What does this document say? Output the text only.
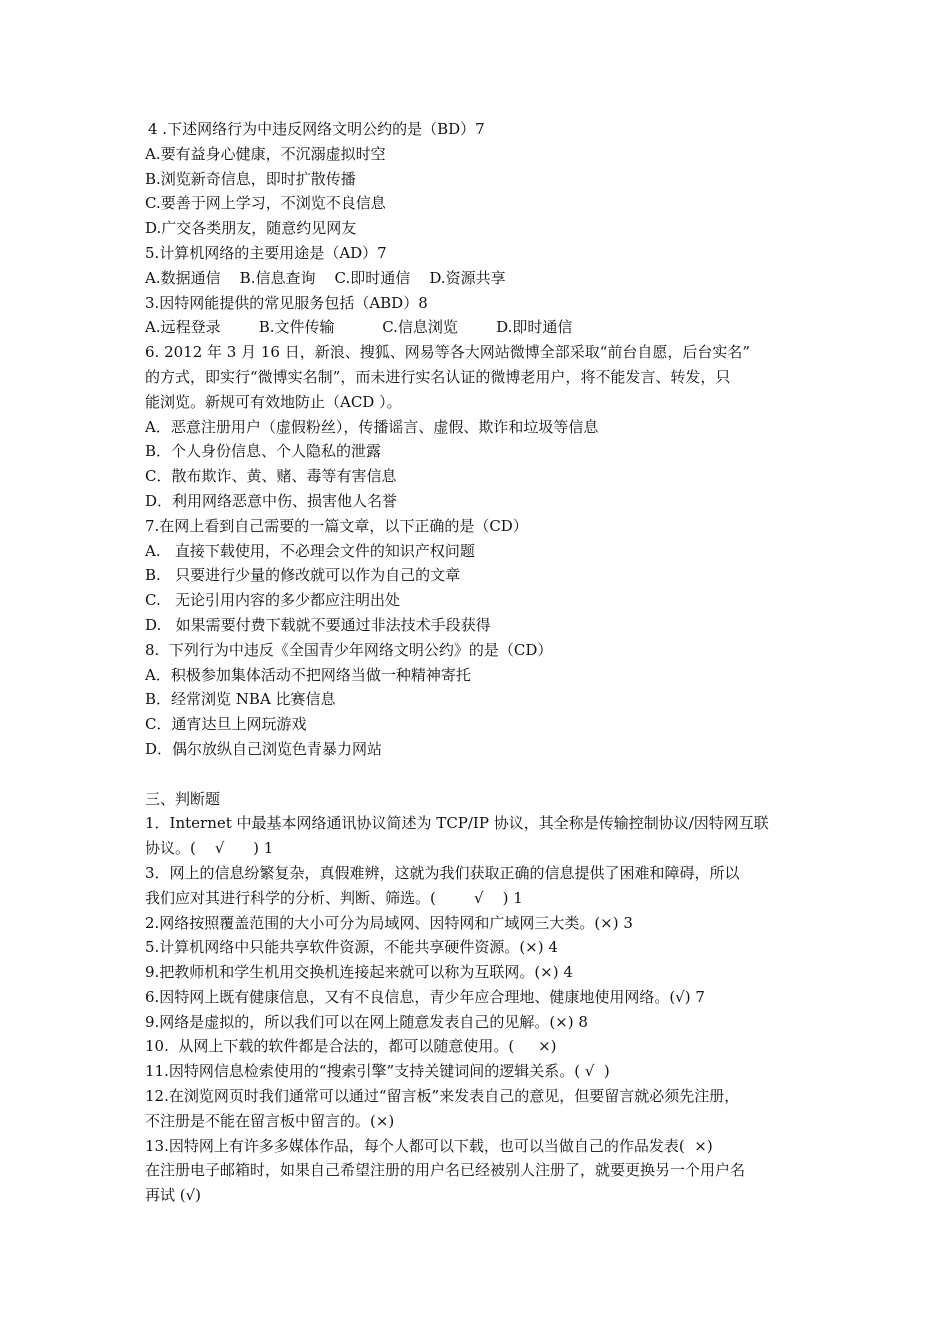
4 .下述网络行为中违反网络文明公约的是（BD）7
A.要有益身心健康，不沉溺虚拟时空
B.浏览新奇信息，即时扩散传播
C.要善于网上学习，不浏览不良信息
D.广交各类朋友，随意约见网友
5.计算机网络的主要用途是（AD）7
A.数据通信    B.信息查询    C.即时通信    D.资源共享
3.因特网能提供的常见服务包括（ABD）8
A.远程登录        B.文件传输          C.信息浏览        D.即时通信
6. 2012 年 3 月 16 日，新浪、搜狐、网易等各大网站微博全部采取“前台自愿，后台实名”
的方式，即实行“微博实名制”，而未进行实名认证的微博老用户，将不能发言、转发，只
能浏览。新规可有效地防止（ACD ）。
A．恶意注册用户（虚假粉丝），传播谣言、虚假、欺诈和垃圾等信息
B．个人身份信息、个人隐私的泄露
C．散布欺诈、黄、赌、毒等有害信息
D．利用网络恶意中伤、损害他人名誉
7.在网上看到自己需要的一篇文章，以下正确的是（CD）
A.   直接下载使用，不必理会文件的知识产权问题
B.   只要进行少量的修改就可以作为自己的文章
C.   无论引用内容的多少都应注明出处
D.   如果需要付费下载就不要通过非法技术手段获得
8.  下列行为中违反《全国青少年网络文明公约》的是（CD）
A．积极参加集体活动不把网络当做一种精神寄托
B．经常浏览 NBA 比赛信息
C．通宵达旦上网玩游戏
D．偶尔放纵自己浏览色青暴力网站
三、判断题
1．Internet 中最基本网络通讯协议简述为 TCP/IP 协议，其全称是传输控制协议/因特网互联
协议。(    √      ) 1
3．网上的信息纷繁复杂，真假难辨，这就为我们获取正确的信息提供了困难和障碍，所以
我们应对其进行科学的分析、判断、筛选。(        √    ) 1
2.网络按照覆盖范围的大小可分为局域网、因特网和广域网三大类。(×) 3
5.计算机网络中只能共享软件资源，不能共享硬件资源。(×) 4
9.把教师机和学生机用交换机连接起来就可以称为互联网。(×) 4
6.因特网上既有健康信息，又有不良信息，青少年应合理地、健康地使用网络。(√) 7
9.网络是虚拟的，所以我们可以在网上随意发表自己的见解。(×) 8
10.  从网上下载的软件都是合法的，都可以随意使用。(     ×)
11.因特网信息检索使用的“搜索引擎”支持关键词间的逻辑关系。( √  )
12.在浏览网页时我们通常可以通过“留言板”来发表自己的意见，但要留言就必须先注册，
不注册是不能在留言板中留言的。(×)
13.因特网上有许多多媒体作品，每个人都可以下载，也可以当做自己的作品发表(  ×)
在注册电子邮箱时，如果自己希望注册的用户名已经被别人注册了，就要更换另一个用户名
再试 (√)
